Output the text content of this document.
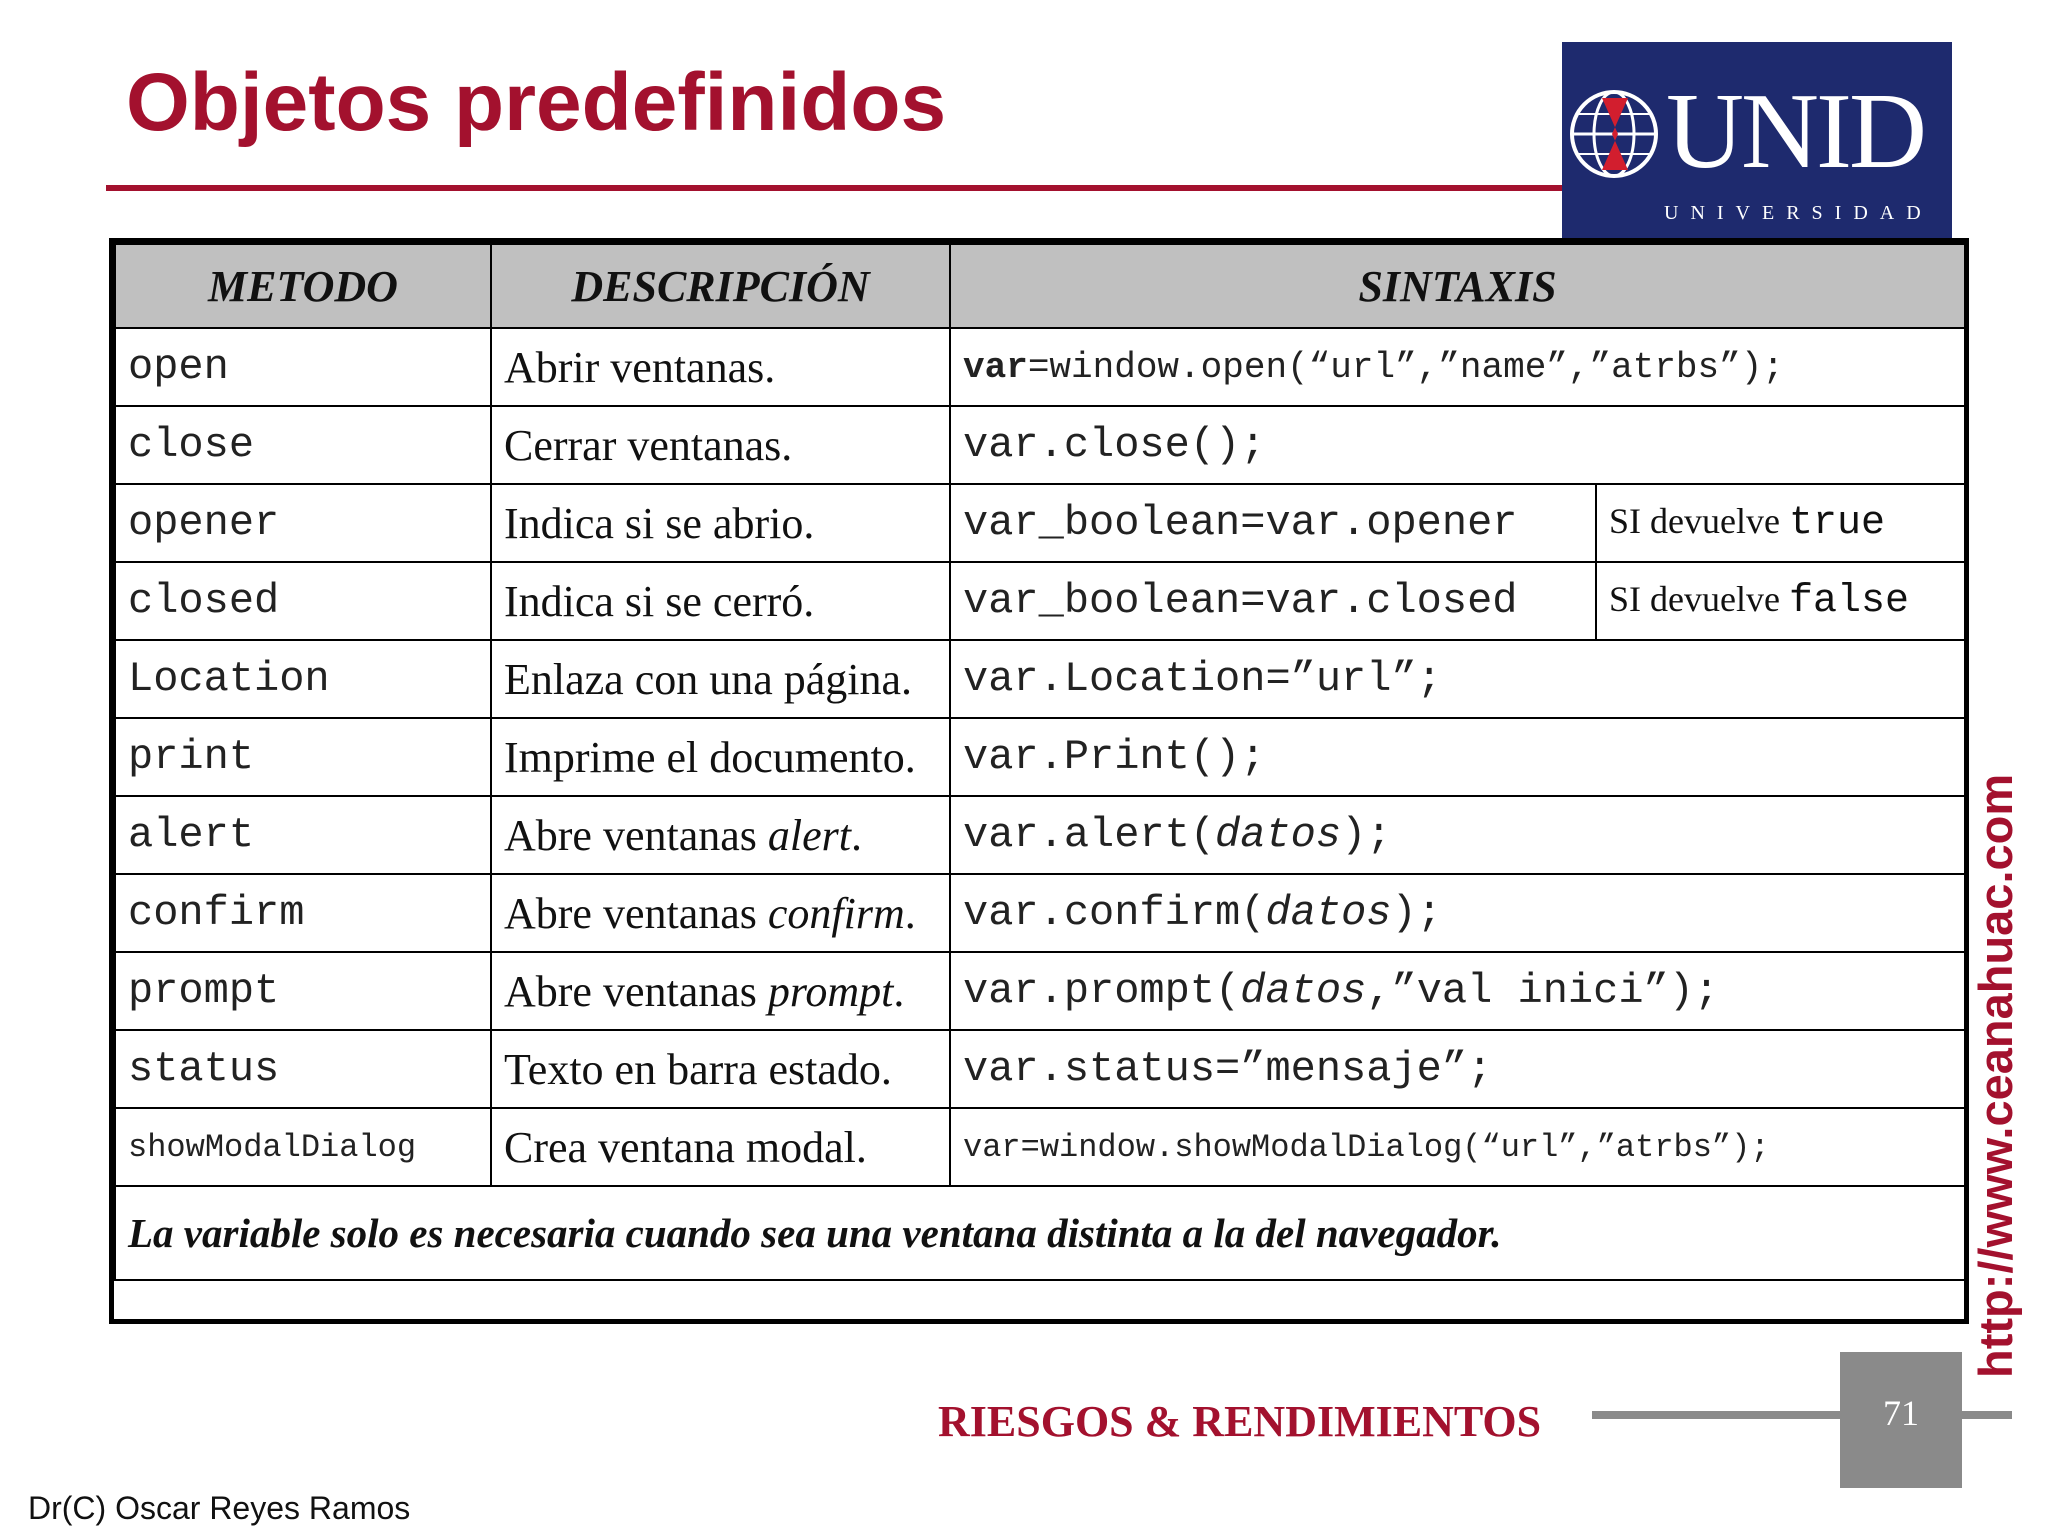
Objetos predefinidos	UNID
UNIVERSIDAD
METODO	DESCRIPCIÓN	SINTAXIS	
open	Abrir ventanas.	var=window.open(“url”,”name”,”atrbs”);	
close	Cerrar ventanas.	var.close();	
opener	Indica si se abrio.	var_boolean=var.opener	SI devuelve true
closed	Indica si se cerró.	var_boolean=var.closed	SI devuelve false
Location	Enlaza con una página.	var.Location=”url”;	
print	Imprime el documento.	var.Print();	
alert	Abre ventanas alert.	var.alert(datos);	
confirm	Abre ventanas confirm.	var.confirm(datos);	
prompt	Abre ventanas prompt.	var.prompt(datos,”val inici”);	
status	Texto en barra estado.	var.status=”mensaje”;	
showModalDialog	Crea ventana modal.	var=window.showModalDialog(“url”,”atrbs”);	
La variable solo es necesaria cuando sea una ventana distinta a la del navegador.				http://www.ceanahuac.com
71
RIESGOS & RENDIMIENTOS
Dr(C) Oscar Reyes Ramos
